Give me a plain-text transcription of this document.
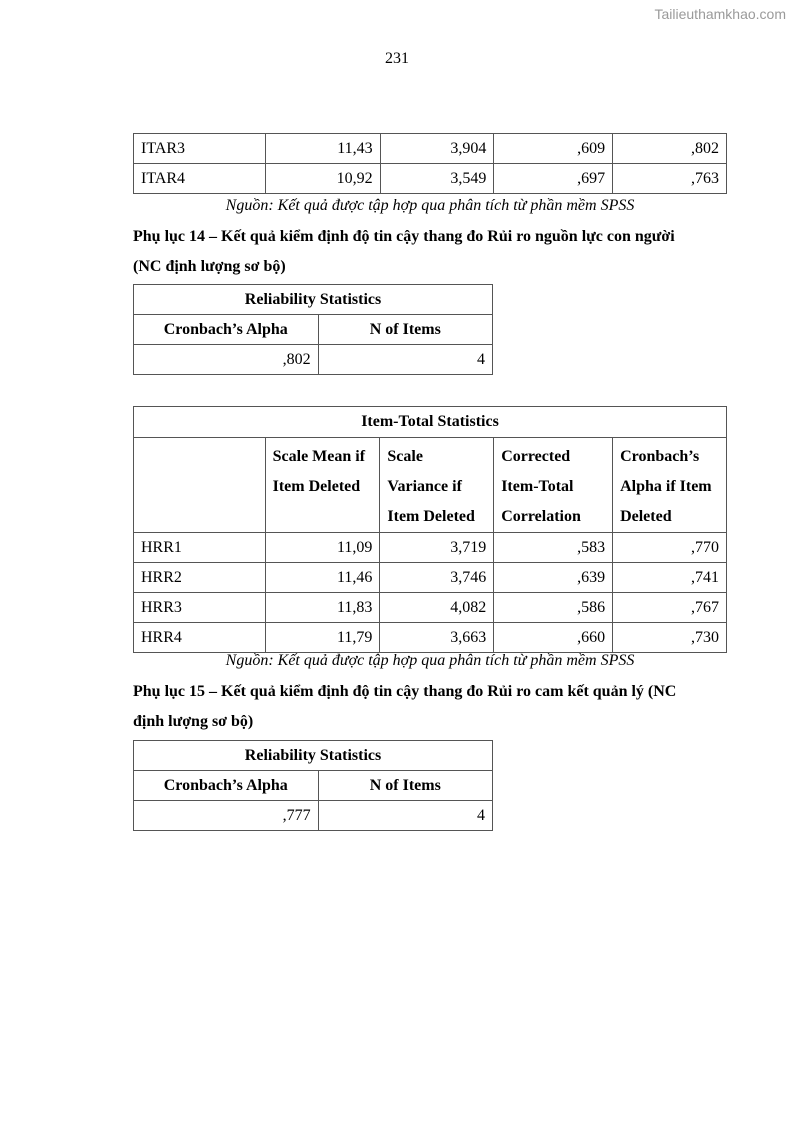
Tailieuthamkhao.com
231
ITAR3	11,43	3,904	,609	,802
ITAR4	10,92	3,549	,697	,763
Nguồn: Kết quả được tập hợp qua phân tích từ phần mềm SPSS
Phụ lục 14 – Kết quả kiểm định độ tin cậy thang đo Rủi ro nguồn lực con người
(NC định lượng sơ bộ)
Reliability Statistics	
Cronbach’s Alpha	N of Items
,802	4
Item-Total Statistics				
	Scale Mean if Item Deleted	Scale Variance if Item Deleted	Corrected Item-Total Correlation	Cronbach’s Alpha if Item Deleted
HRR1	11,09	3,719	,583	,770
HRR2	11,46	3,746	,639	,741
HRR3	11,83	4,082	,586	,767
HRR4	11,79	3,663	,660	,730
Nguồn: Kết quả được tập hợp qua phân tích từ phần mềm SPSS
Phụ lục 15 – Kết quả kiểm định độ tin cậy thang đo Rủi ro cam kết quản lý (NC
định lượng sơ bộ)
Reliability Statistics	
Cronbach’s Alpha	N of Items
,777	4
